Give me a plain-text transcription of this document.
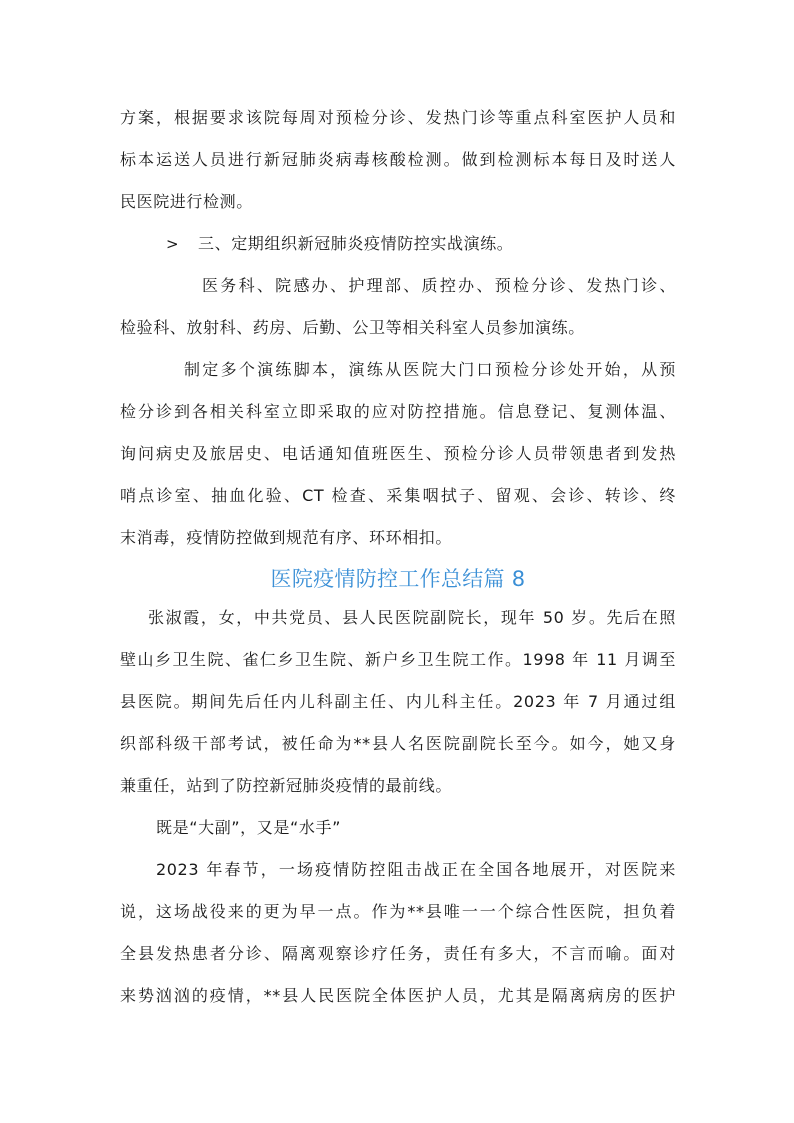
方案，根据要求该院每周对预检分诊、发热门诊等重点科室医护人员和
标本运送人员进行新冠肺炎病毒核酸检测。做到检测标本每日及时送人
民医院进行检测。
> 三、定期组织新冠肺炎疫情防控实战演练。
医务科、院感办、护理部、质控办、预检分诊、发热门诊、
检验科、放射科、药房、后勤、公卫等相关科室人员参加演练。
制定多个演练脚本，演练从医院大门口预检分诊处开始，从预
检分诊到各相关科室立即采取的应对防控措施。信息登记、复测体温、
询问病史及旅居史、电话通知值班医生、预检分诊人员带领患者到发热
哨点诊室、抽血化验、CT 检查、采集咽拭子、留观、会诊、转诊、终
末消毒，疫情防控做到规范有序、环环相扣。
医院疫情防控工作总结篇 8
张淑霞，女，中共党员、县人民医院副院长，现年 50 岁。先后在照
壁山乡卫生院、雀仁乡卫生院、新户乡卫生院工作。1998 年 11 月调至
县医院。期间先后任内儿科副主任、内儿科主任。2023 年 7 月通过组
织部科级干部考试，被任命为**县人名医院副院长至今。如今，她又身
兼重任，站到了防控新冠肺炎疫情的最前线。
既是“大副”，又是“水手”
2023 年春节，一场疫情防控阻击战正在全国各地展开，对医院来
说，这场战役来的更为早一点。作为**县唯一一个综合性医院，担负着
全县发热患者分诊、隔离观察诊疗任务，责任有多大，不言而喻。面对
来势汹汹的疫情，**县人民医院全体医护人员，尤其是隔离病房的医护
